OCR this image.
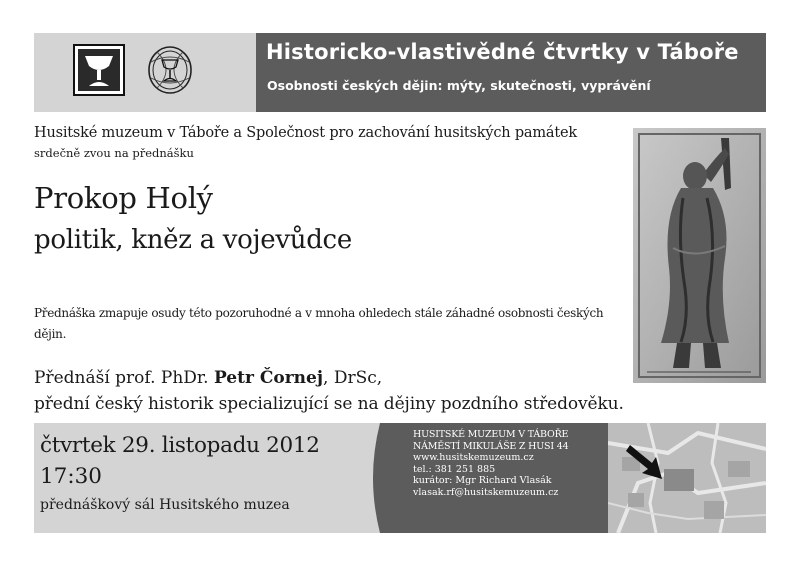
Historicko-vlastivědné čtvrtky v Táboře
Osobnosti českých dějin: mýty, skutečnosti, vyprávění
Husitské muzeum v Táboře a Společnost pro zachování husitských památek
srdečně zvou na přednášku
Prokop Holý
politik, kněz a vojevůdce
Přednáška zmapuje osudy této pozoruhodné a v mnoha ohledech stále záhadné osobnosti českých dějin.
Přednáší prof. PhDr. Petr Čornej, DrSc,
přední český historik specializující se na dějiny pozdního středověku.
čtvrtek 29. listopadu 2012
17:30
přednáškový sál Husitského muzea
HUSITSKÉ MUZEUM V TÁBOŘE
NÁMĚSTÍ MIKULÁŠE Z HUSI 44
www.husitskemuzeum.cz
tel.: 381 251 885
kurátor: Mgr Richard Vlasák
vlasak.rf@husitskemuzeum.cz
